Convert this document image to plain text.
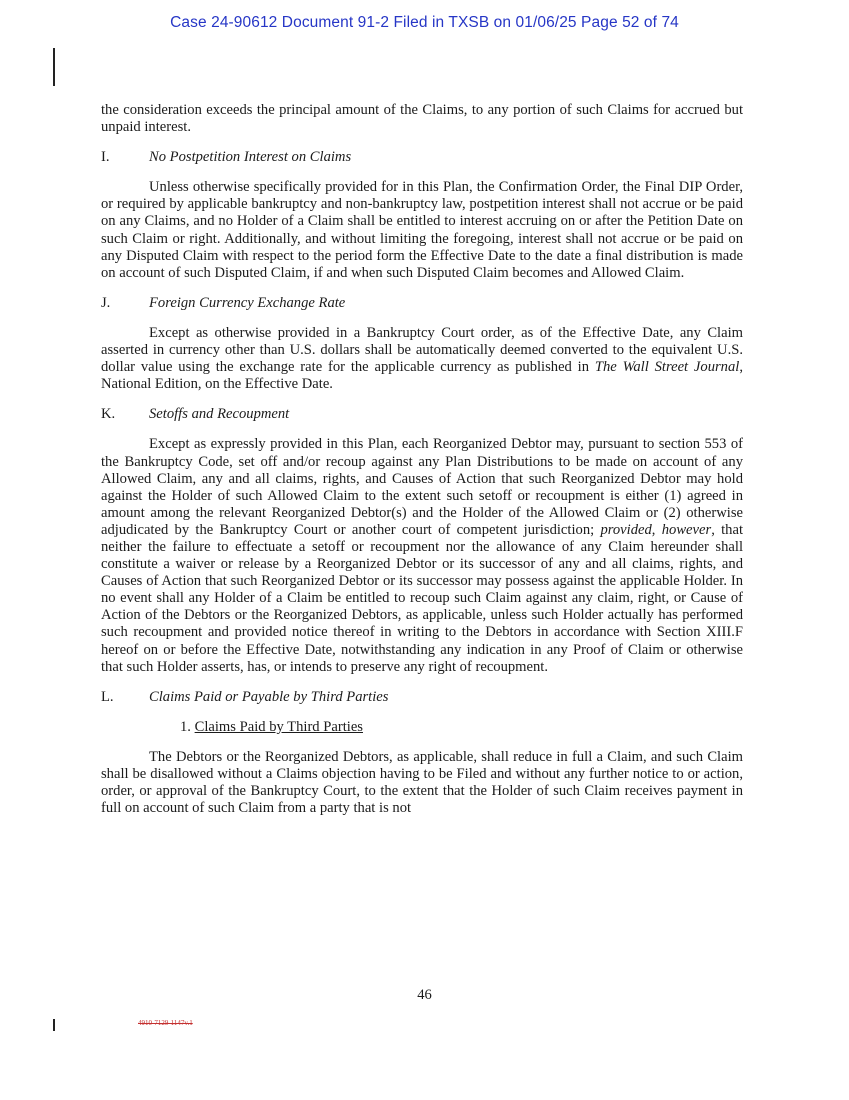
Case 24-90612 Document 91-2 Filed in TXSB on 01/06/25 Page 52 of 74

the consideration exceeds the principal amount of the Claims, to any portion of such Claims for accrued but unpaid interest.

I.	No Postpetition Interest on Claims

Unless otherwise specifically provided for in this Plan, the Confirmation Order, the Final DIP Order, or required by applicable bankruptcy and non-bankruptcy law, postpetition interest shall not accrue or be paid on any Claims, and no Holder of a Claim shall be entitled to interest accruing on or after the Petition Date on such Claim or right. Additionally, and without limiting the foregoing, interest shall not accrue or be paid on any Disputed Claim with respect to the period form the Effective Date to the date a final distribution is made on account of such Disputed Claim, if and when such Disputed Claim becomes and Allowed Claim.

J.	Foreign Currency Exchange Rate

Except as otherwise provided in a Bankruptcy Court order, as of the Effective Date, any Claim asserted in currency other than U.S. dollars shall be automatically deemed converted to the equivalent U.S. dollar value using the exchange rate for the applicable currency as published in The Wall Street Journal, National Edition, on the Effective Date.

K.	Setoffs and Recoupment

Except as expressly provided in this Plan, each Reorganized Debtor may, pursuant to section 553 of the Bankruptcy Code, set off and/or recoup against any Plan Distributions to be made on account of any Allowed Claim, any and all claims, rights, and Causes of Action that such Reorganized Debtor may hold against the Holder of such Allowed Claim to the extent such setoff or recoupment is either (1) agreed in amount among the relevant Reorganized Debtor(s) and the Holder of the Allowed Claim or (2) otherwise adjudicated by the Bankruptcy Court or another court of competent jurisdiction; provided, however, that neither the failure to effectuate a setoff or recoupment nor the allowance of any Claim hereunder shall constitute a waiver or release by a Reorganized Debtor or its successor of any and all claims, rights, and Causes of Action that such Reorganized Debtor or its successor may possess against the applicable Holder. In no event shall any Holder of a Claim be entitled to recoup such Claim against any claim, right, or Cause of Action of the Debtors or the Reorganized Debtors, as applicable, unless such Holder actually has performed such recoupment and provided notice thereof in writing to the Debtors in accordance with Section XIII.F hereof on or before the Effective Date, notwithstanding any indication in any Proof of Claim or otherwise that such Holder asserts, has, or intends to preserve any right of recoupment.

L.	Claims Paid or Payable by Third Parties
1. Claims Paid by Third Parties

The Debtors or the Reorganized Debtors, as applicable, shall reduce in full a Claim, and such Claim shall be disallowed without a Claims objection having to be Filed and without any further notice to or action, order, or approval of the Bankruptcy Court, to the extent that the Holder of such Claim receives payment in full on account of such Claim from a party that is not

46
4910-7129-1147v.1
